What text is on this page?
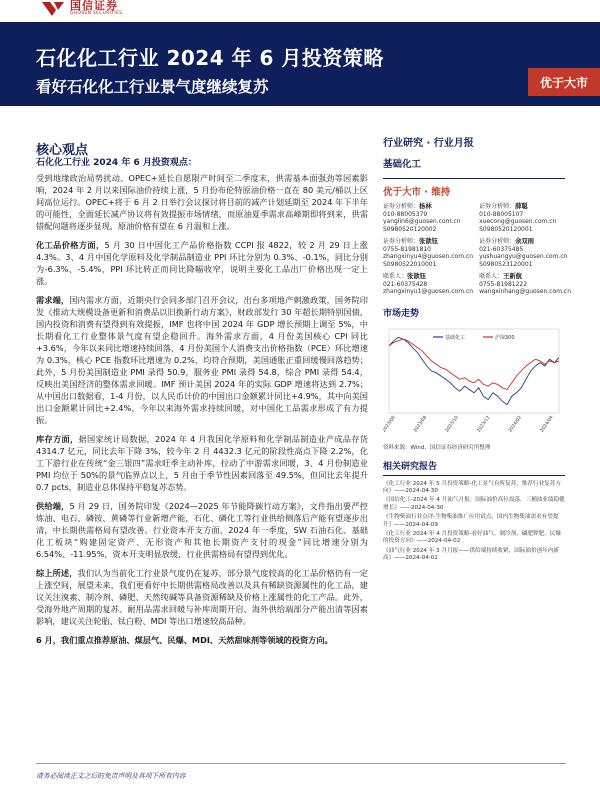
国信证券
GUOSEN SECURITIES
石化化工行业 2024 年 6 月投资策略
看好石化化工行业景气度继续复苏	优于大市
核心观点
石化化工行业 2024 年 6 月投资观点：

受到地缘政治局势扰动、OPEC+延长自愿限产时间至二季度末，供需基本面强劲等因素影响，2024 年 2 月以来国际油价持续上涨，5 月份布伦特原油价格一直在 80 美元/桶以上区间高位运行。OPEC+将于 6 月 2 日举行会议探讨将目前的减产计划延期至 2024 年下半年的可能性，全面延长减产协议将有效提振市场情绪，而原油夏季需求高峰期即将到来，供需错配问题将逐步显现，原油价格有望在 6 月温和上涨。

化工品价格方面，5 月 30 日中国化工产品价格指数 CCPI 报 4822，较 2 月 29 日上涨 4.3%。3、4 月中国化学原料及化学制品制造业 PPI 环比分别为 0.3%、-0.1%，同比分别为-6.3%、-5.4%，PPI 环比转正而同比降幅收窄，说明主要化工品出厂价格出现一定上涨。

需求端，国内需求方面，近期央行会同多部门召开会议，出台多项地产刺激政策，国务院印发《推动大规模设备更新和消费品以旧换新行动方案》，财政部发行 30 年超长期特别国债，国内投资和消费有望得到有效提振，IMF 也将中国 2024 年 GDP 增长预期上调至 5%，中长期看化工行业整体景气度有望企稳回升。海外需求方面，4 月份美国核心 CPI 同比+3.6%，今年以来同比增速持续回落，4 月份美国个人消费支出价格指数（PCE）环比增速为 0.3%，核心 PCE 指数环比增速为 0.2%，均符合预期，美国通胀正重回缓慢回落趋势；此外，5 月份美国制造业 PMI 录得 50.9，服务业 PMI 录得 54.8，综合 PMI 录得 54.4，反映出美国经济的整体需求回暖。IMF 预计美国 2024 年的实际 GDP 增速将达到 2.7%；从中国出口数据看，1-4 月份，以人民币计价的中国出口金额累计同比+4.9%，其中向美国出口金额累计同比+2.4%，今年以来海外需求持续回暖，对中国化工品需求形成了有力提振。

库存方面，据国家统计局数据，2024 年 4 月我国化学原料和化学制品制造业产成品存货 4314.7 亿元，同比去年下降 3%，较今年 2 月 4432.3 亿元的阶段性高点下降 2.2%，化工下游行业在传统“金三银四”需求旺季主动补库，拉动了中游需求回暖，3、4 月份制造业 PMI 均位于 50%的景气临界点以上，5 月由于季节性因素回落至 49.5%，但同比去年提升 0.7 pcts，制造业总体保持平稳复苏态势。

供给端，5 月 29 日，国务院印发《2024—2025 年节能降碳行动方案》，文件指出要严控炼油、电石、磷铵、黄磷等行业新增产能，石化、磷化工等行业供给侧落后产能有望逐步出清，中长期供需格局有望改善。行业资本开支方面，2024 年一季度，SW 石油石化、基础化工板块“购建固定资产、无形资产和其他长期资产支付的现金”同比增速分别为 6.54%、-11.95%，资本开支明显放缓，行业供需格局有望得到优化。

综上所述，我们认为当前化工行业景气度仍在复苏，部分景气度较高的化工品价格仍有一定上涨空间，展望未来，我们更看好中长期供需格局改善以及具有稀缺资源属性的化工品，建议关注溴素、制冷剂、磷肥、天然纯碱等具备资源稀缺及价格上涨属性的化工产品。此外，受海外地产周期的复苏、耐用品需求回暖与补库周期开启、海外供给端部分产能出清等因素影响，建议关注轮胎、钛白粉、MDI 等出口增速较高品种。

6 月，我们重点推荐原油、煤层气、民爆、MDI、天然甜味剂等领域的投资方向。

行业研究 · 行业月报
基础化工
优于大市 · 维持
证券分析师：杨林
010-88005379
yanglin6@guosen.com.cn
S0980520120002
证券分析师：薛聪
010-88005107
xuecong@guosen.com.cn
S0980520120001
证券分析师：张歆钰
0755-81981810
zhangxinyu4@guosen.com.cn
S0980522010001
证券分析师：余双雨
021-60375485
yushuangyu@guosen.com.cn
S0980523120001
联系人：张歆钰
021-60375428
zhangxinyu1@guosen.com.cn
联系人：王新航
0755-81981222
wangxinhang@guosen.com.cn
市场走势
基础化工	沪深300
2023/06	2023/08	2023/10	2023/12	2024/02	2024/04
资料来源：Wind、国信证券经济研究所整理
相关研究报告
《化工行业 2024 年 5 月投资策略-化工景气有所复苏，推荐行业复苏方向》——2024-04-30
《国信化工-2024 年 4 月油气月报：国际油价高位震荡，三桶油业绩稳健增长》——2024-04-30
《生物柴油行业点评-生物柴油推广应用试点，国内生物柴油需求有望提升》——2024-04-09
《化工行业 2024 年 4 月投资策略-看好油气、制冷剂、磷肥钾肥、民爆的投资方向》——2024-04-02
《油气行业 2024 年 3 月月报——供给端持续收紧，国际油价创年内新高》——2024-04-02
请务必阅读正文之后的免责声明及其项下所有内容
